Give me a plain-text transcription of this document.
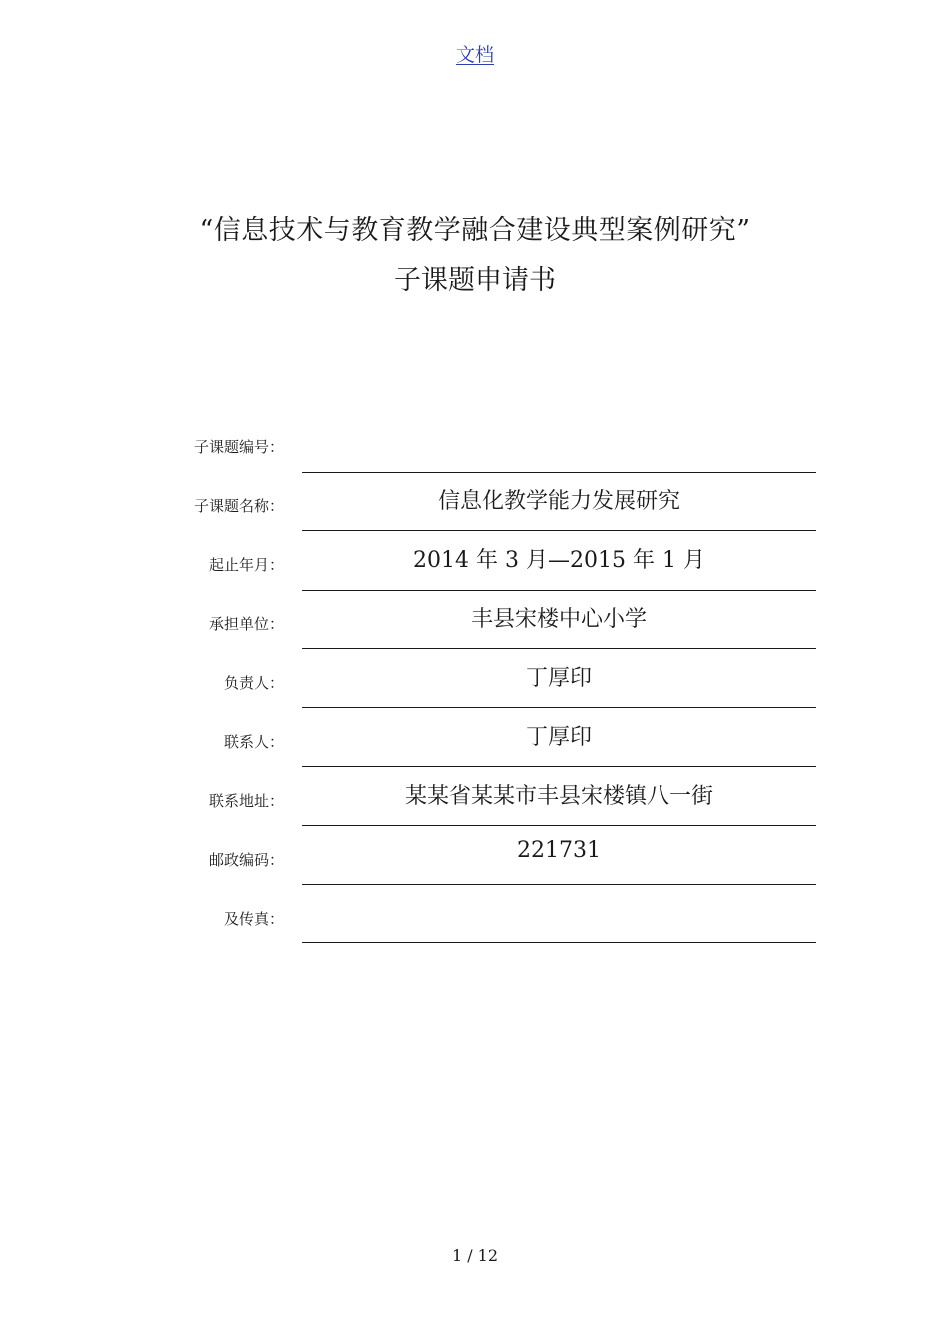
文档
“信息技术与教育教学融合建设典型案例研究”
子课题申请书
子课题编号：
子课题名称：	信息化教学能力发展研究
起止年月：	2014 年 3 月—2015 年 1 月
承担单位：	丰县宋楼中心小学
负责人：	丁厚印
联系人：	丁厚印
联系地址：	某某省某某市丰县宋楼镇八一街
邮政编码：	221731
及传真：
1 / 12
